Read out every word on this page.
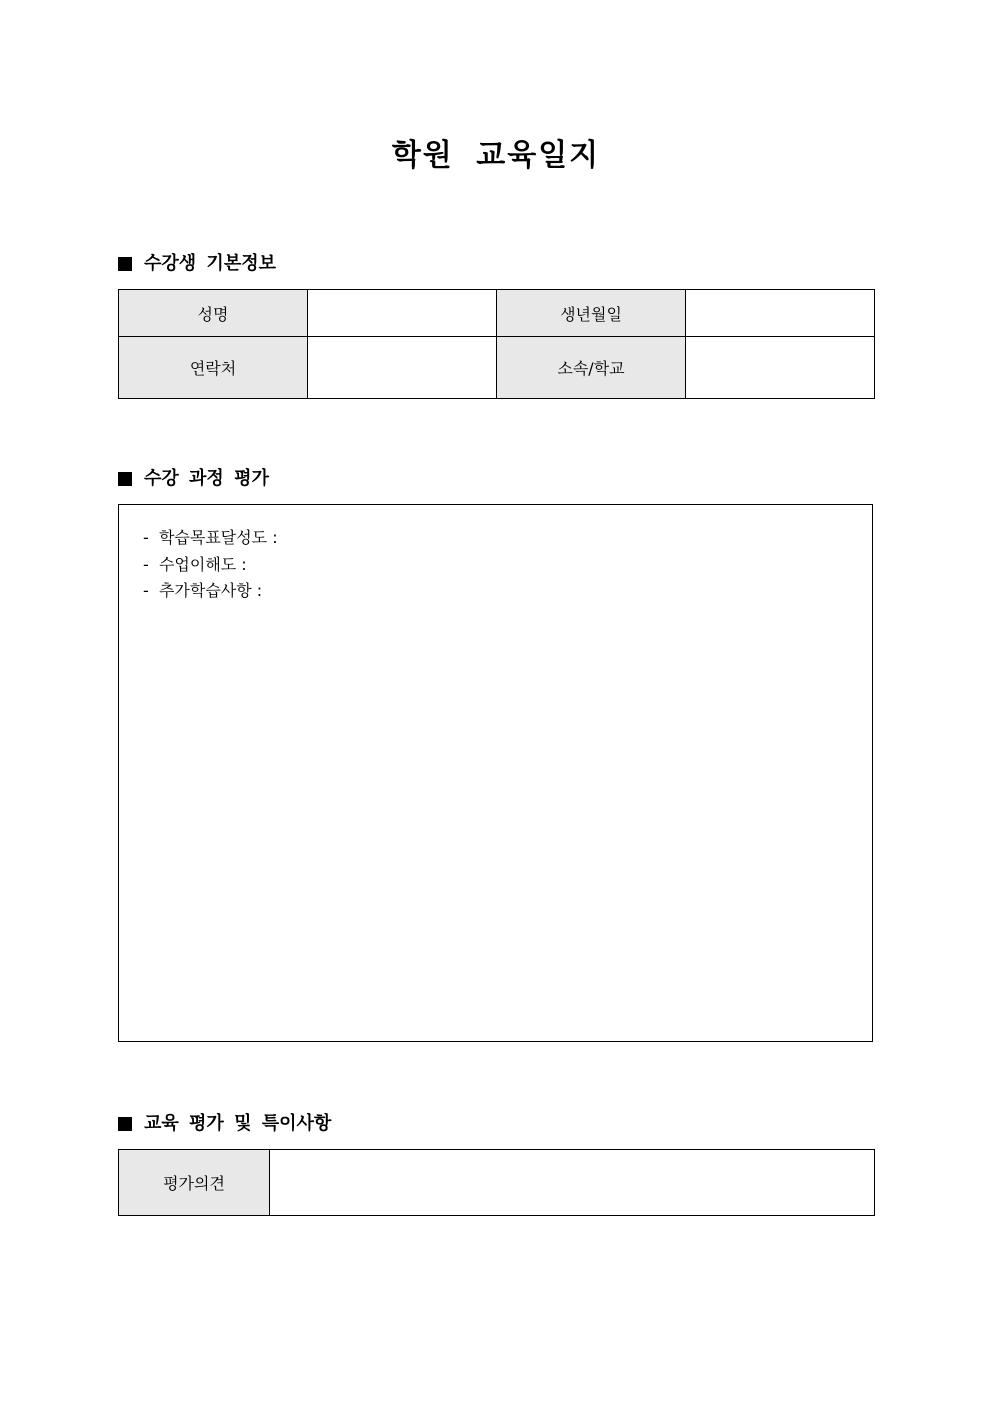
학원 교육일지
수강생 기본정보
성명		생년월일	
연락처		소속/학교	
수강 과정 평가
-  학습목표달성도 :
-  수업이해도 :
-  추가학습사항 :
교육 평가 및 특이사항
평가의견	
